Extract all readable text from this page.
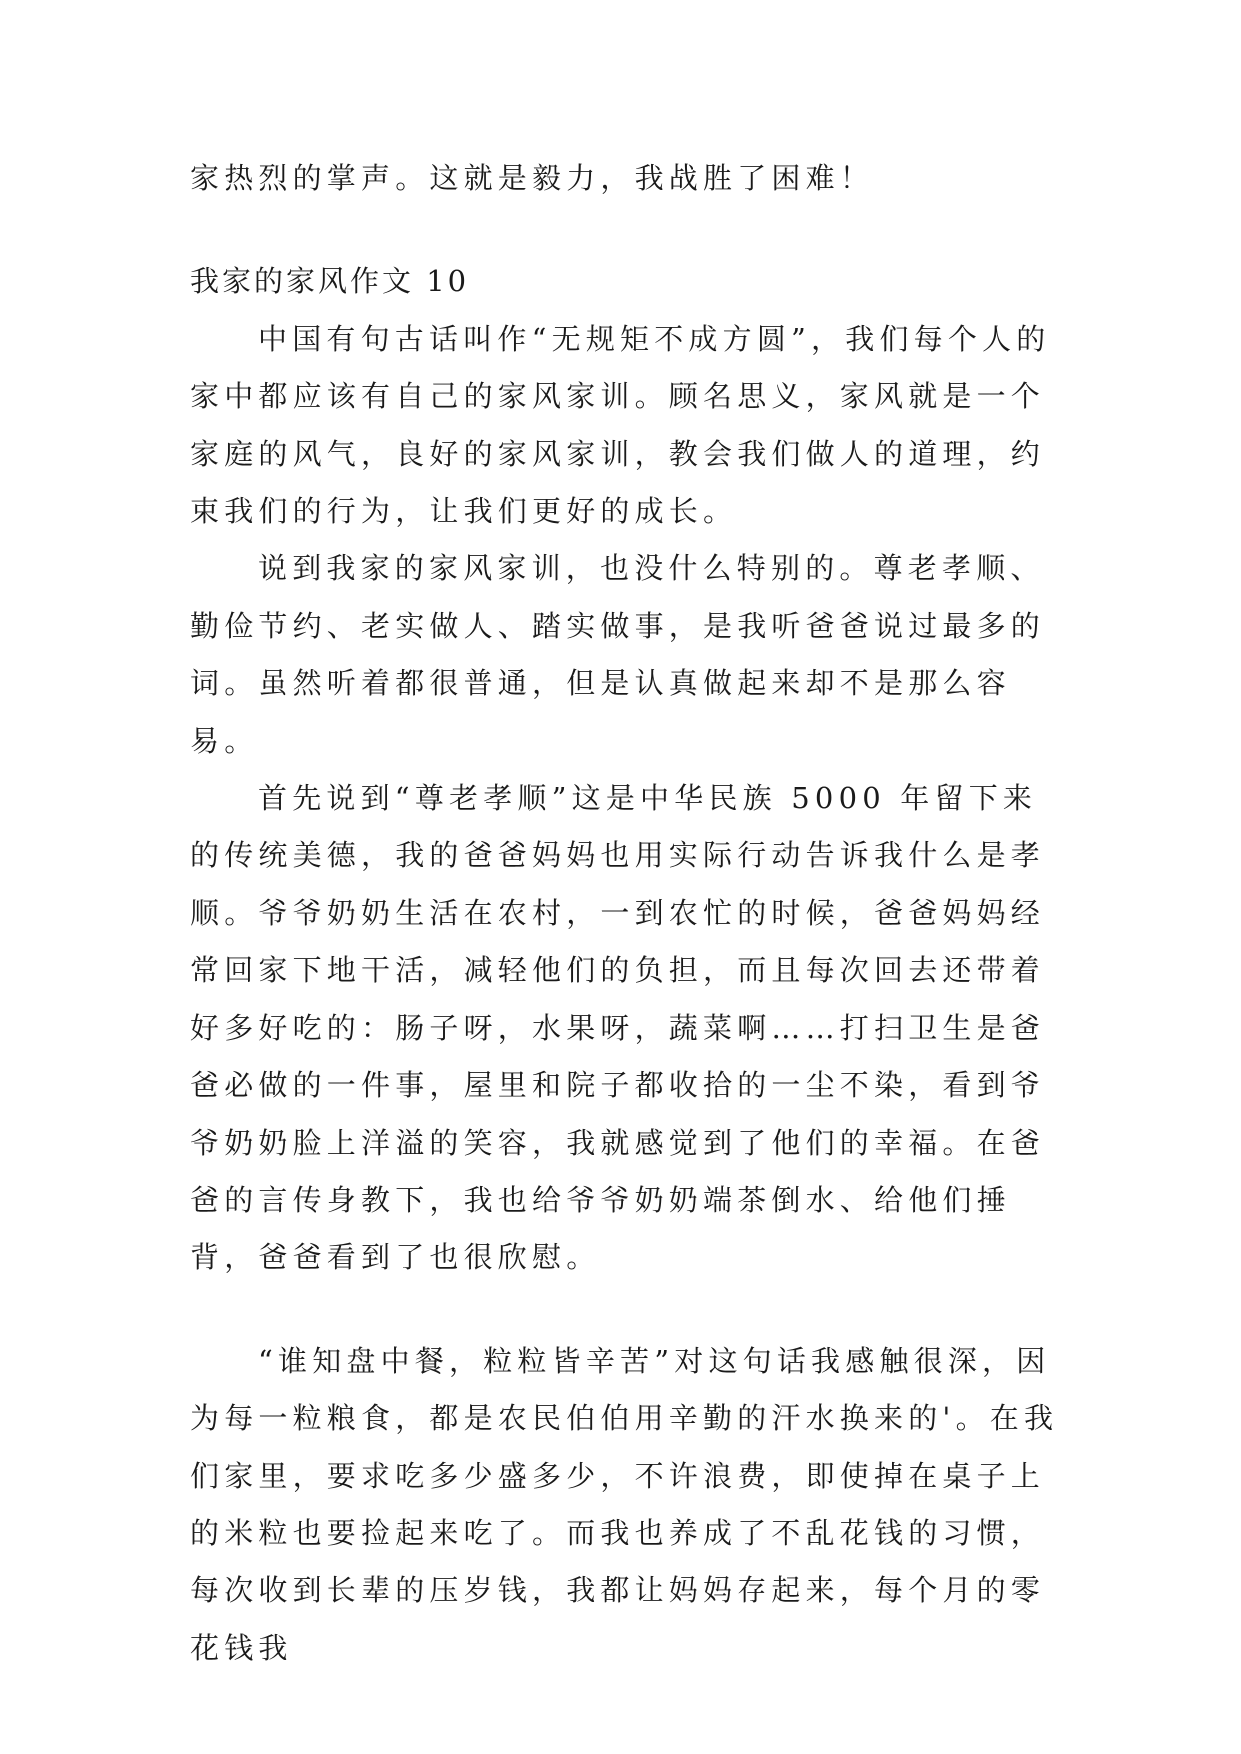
家热烈的掌声。这就是毅力，我战胜了困难！

我家的家风作文 10

中国有句古话叫作“无规矩不成方圆”，我们每个人的家中都应该有自己的家风家训。顾名思义，家风就是一个家庭的风气，良好的家风家训，教会我们做人的道理，约束我们的行为，让我们更好的成长。

说到我家的家风家训，也没什么特别的。尊老孝顺、勤俭节约、老实做人、踏实做事，是我听爸爸说过最多的词。虽然听着都很普通，但是认真做起来却不是那么容易。

首先说到“尊老孝顺”这是中华民族 5000 年留下来的传统美德，我的爸爸妈妈也用实际行动告诉我什么是孝顺。爷爷奶奶生活在农村，一到农忙的时候，爸爸妈妈经常回家下地干活，减轻他们的负担，而且每次回去还带着好多好吃的：肠子呀，水果呀，蔬菜啊……打扫卫生是爸爸必做的一件事，屋里和院子都收拾的一尘不染，看到爷爷奶奶脸上洋溢的笑容，我就感觉到了他们的幸福。在爸爸的言传身教下，我也给爷爷奶奶端茶倒水、给他们捶背，爸爸看到了也很欣慰。

“谁知盘中餐，粒粒皆辛苦”对这句话我感触很深，因为每一粒粮食，都是农民伯伯用辛勤的汗水换来的'。在我们家里，要求吃多少盛多少，不许浪费，即使掉在桌子上的米粒也要捡起来吃了。而我也养成了不乱花钱的习惯，每次收到长辈的压岁钱，我都让妈妈存起来，每个月的零花钱我
